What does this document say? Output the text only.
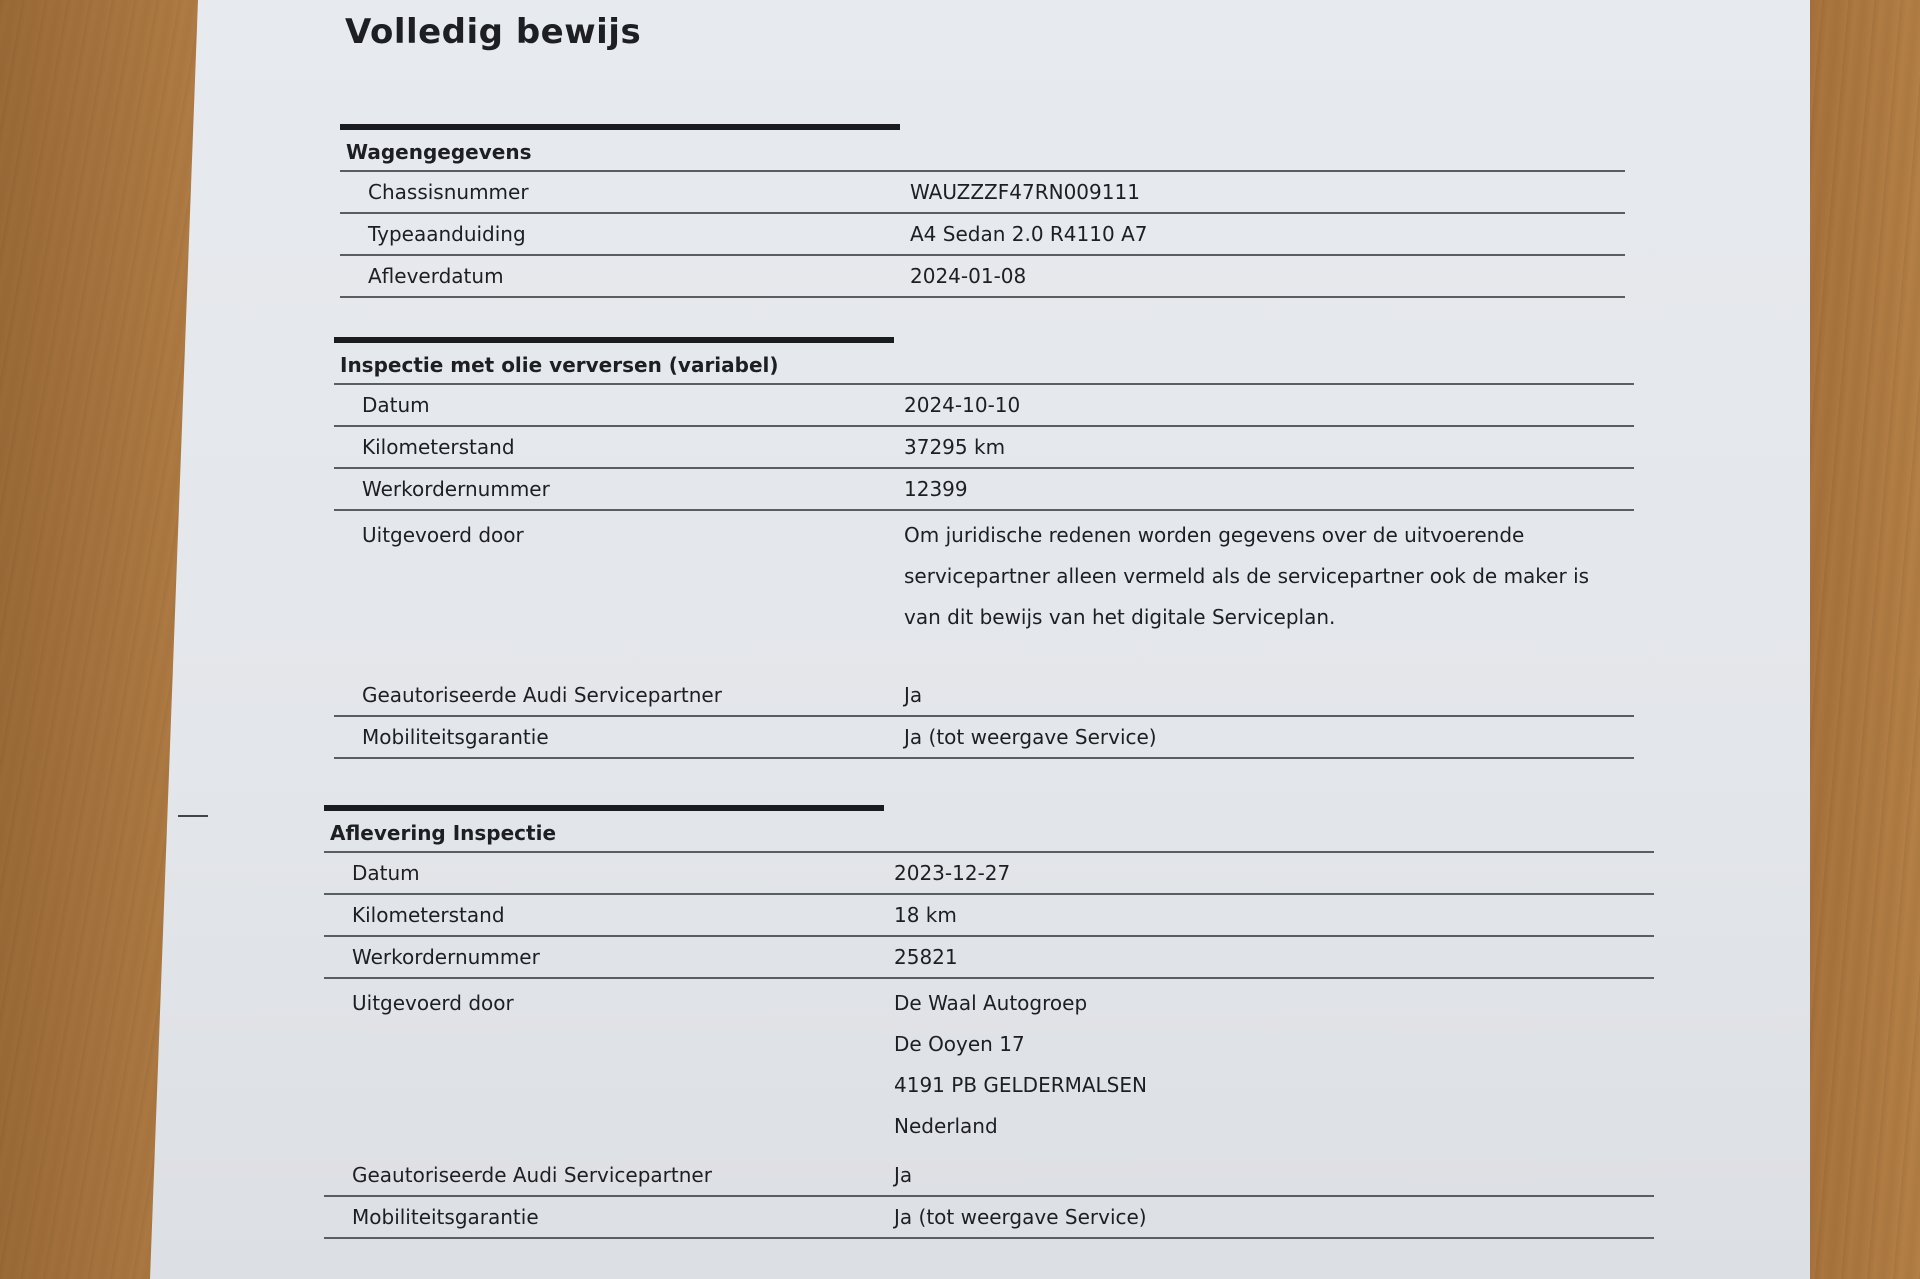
Volledig bewijs
Wagengegevens
Chassisnummer	WAUZZZF47RN009111
Typeaanduiding	A4 Sedan 2.0 R4110 A7
Afleverdatum	2024-01-08
Inspectie met olie verversen (variabel)
Datum	2024-10-10
Kilometerstand	37295 km
Werkordernummer	12399
Uitgevoerd door	Om juridische redenen worden gegevens over de uitvoerende
servicepartner alleen vermeld als de servicepartner ook de maker is
van dit bewijs van het digitale Serviceplan.
Geautoriseerde Audi Servicepartner	Ja
Mobiliteitsgarantie	Ja (tot weergave Service)
Aflevering Inspectie
Datum	2023-12-27
Kilometerstand	18 km
Werkordernummer	25821
Uitgevoerd door	De Waal Autogroep
De Ooyen 17
4191 PB GELDERMALSEN
Nederland
Geautoriseerde Audi Servicepartner	Ja
Mobiliteitsgarantie	Ja (tot weergave Service)
